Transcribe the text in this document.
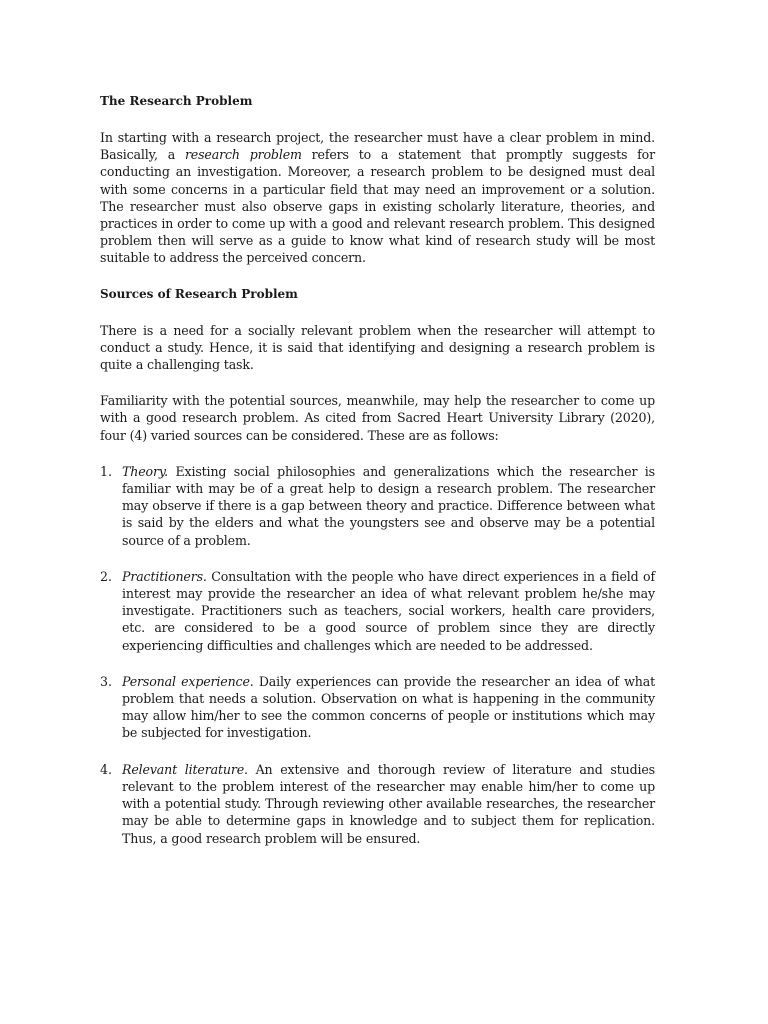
The Research Problem

In starting with a research project, the researcher must have a clear problem in mind. Basically, a research problem refers to a statement that promptly suggests for conducting an investigation. Moreover, a research problem to be designed must deal with some concerns in a particular field that may need an improvement or a solution. The researcher must also observe gaps in existing scholarly literature, theories, and practices in order to come up with a good and relevant research problem. This designed problem then will serve as a guide to know what kind of research study will be most suitable to address the perceived concern.

Sources of Research Problem

There is a need for a socially relevant problem when the researcher will attempt to conduct a study. Hence, it is said that identifying and designing a research problem is quite a challenging task.

Familiarity with the potential sources, meanwhile, may help the researcher to come up with a good research problem. As cited from Sacred Heart University Library (2020), four (4) varied sources can be considered. These are as follows:

1. Theory. Existing social philosophies and generalizations which the researcher is familiar with may be of a great help to design a research problem. The researcher may observe if there is a gap between theory and practice. Difference between what is said by the elders and what the youngsters see and observe may be a potential source of a problem.
2. Practitioners. Consultation with the people who have direct experiences in a field of interest may provide the researcher an idea of what relevant problem he/she may investigate. Practitioners such as teachers, social workers, health care providers, etc. are considered to be a good source of problem since they are directly experiencing difficulties and challenges which are needed to be addressed.
3. Personal experience. Daily experiences can provide the researcher an idea of what problem that needs a solution. Observation on what is happening in the community may allow him/her to see the common concerns of people or institutions which may be subjected for investigation.
4. Relevant literature. An extensive and thorough review of literature and studies relevant to the problem interest of the researcher may enable him/her to come up with a potential study. Through reviewing other available researches, the researcher may be able to determine gaps in knowledge and to subject them for replication. Thus, a good research problem will be ensured.
